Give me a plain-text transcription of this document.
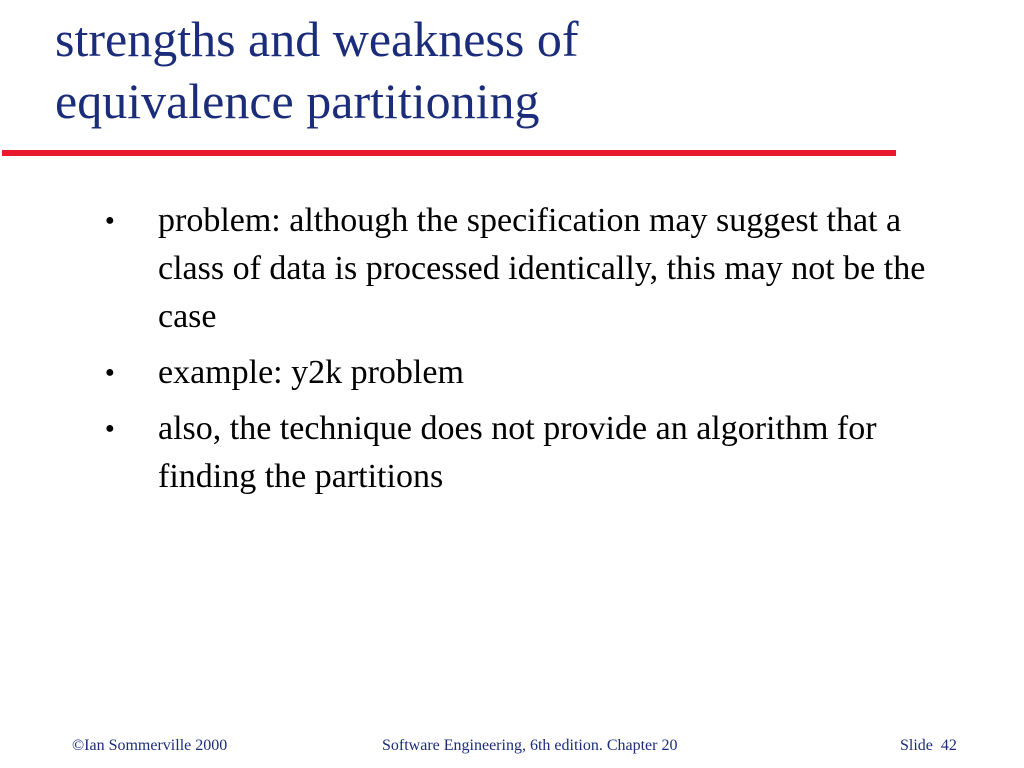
strengths and weakness of
equivalence partitioning
●	problem: although the specification may suggest that a class of data is processed identically, this may not be the case
●	example: y2k problem
●	also, the technique does not provide an algorithm for finding the partitions
©Ian Sommerville 2000	Software Engineering, 6th edition. Chapter 20	Slide 42
